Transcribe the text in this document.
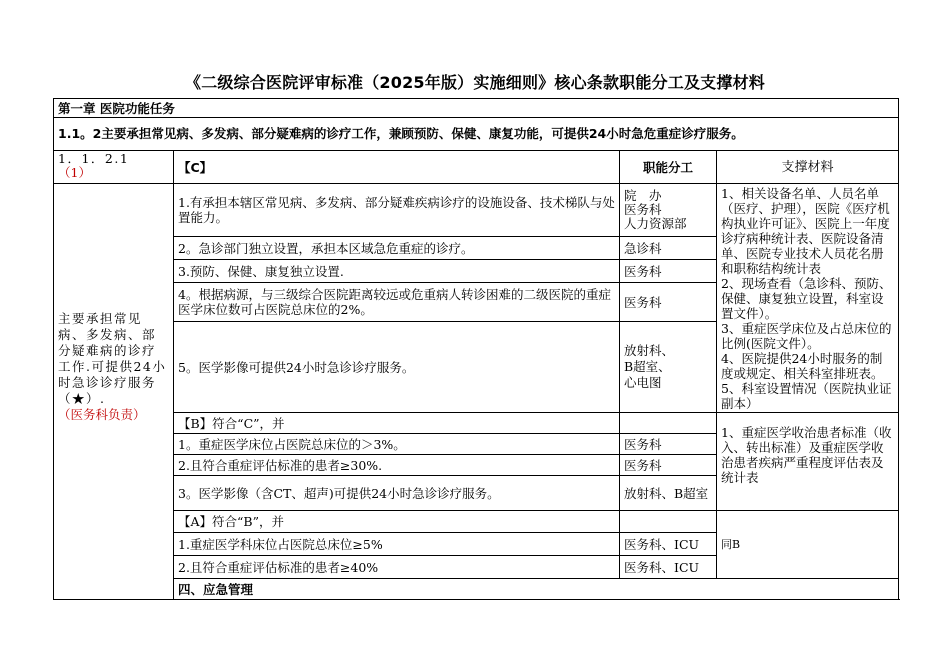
《二级综合医院评审标准（2025年版）实施细则》核心条款职能分工及支撑材料
第一章 医院功能任务			
1.1。2主要承担常见病、多发病、部分疑难病的诊疗工作，兼顾预防、保健、康复功能，可提供24小时急危重症诊疗服务。			

1．1．2.1
（1）	【C】	职能分工	支撑材料
主要承担常见病、多发病、部分疑难病的诊疗工作.可提供24小时急诊诊疗服务（★）.
（医务科负责）	1.有承担本辖区常见病、多发病、部分疑难疾病诊疗的设施设备、技术梯队与处置能力。	院　办
医务科
人力资源部	1、相关设备名单、人员名单（医疗、护理），医院《医疗机构执业许可证》、医院上一年度诊疗病种统计表、医院设备清单、医院专业技术人员花名册和职称结构统计表
2、现场查看（急诊科、预防、保健、康复独立设置，科室设置文件）。
3、重症医学床位及占总床位的比例(医院文件）。
4、医院提供24小时服务的制度或规定、相关科室排班表。
5、科室设置情况（医院执业证副本）
	2。急诊部门独立设置，承担本区域急危重症的诊疗。	急诊科	
	3.预防、保健、康复独立设置.	医务科	
	4。根据病源，与三级综合医院距离较远或危重病人转诊困难的二级医院的重症医学床位数可占医院总床位的2%。	医务科	
	5。医学影像可提供24小时急诊诊疗服务。	放射科、
B超室、
心电图	
	【B】符合“C”，并		1、重症医学收治患者标准（收入、转出标准）及重症医学收治患者疾病严重程度评估表及统计表
	1。重症医学床位占医院总床位的＞3%。	医务科	
	2.且符合重症评估标准的患者≥30%.	医务科	
	3。医学影像（含CT、超声)可提供24小时急诊诊疗服务。	放射科、B超室	
	【A】符合“B”，并		同B
	1.重症医学科床位占医院总床位≥5%	医务科、ICU	
	2.且符合重症评估标准的患者≥40%	医务科、ICU	
	四、应急管理		
